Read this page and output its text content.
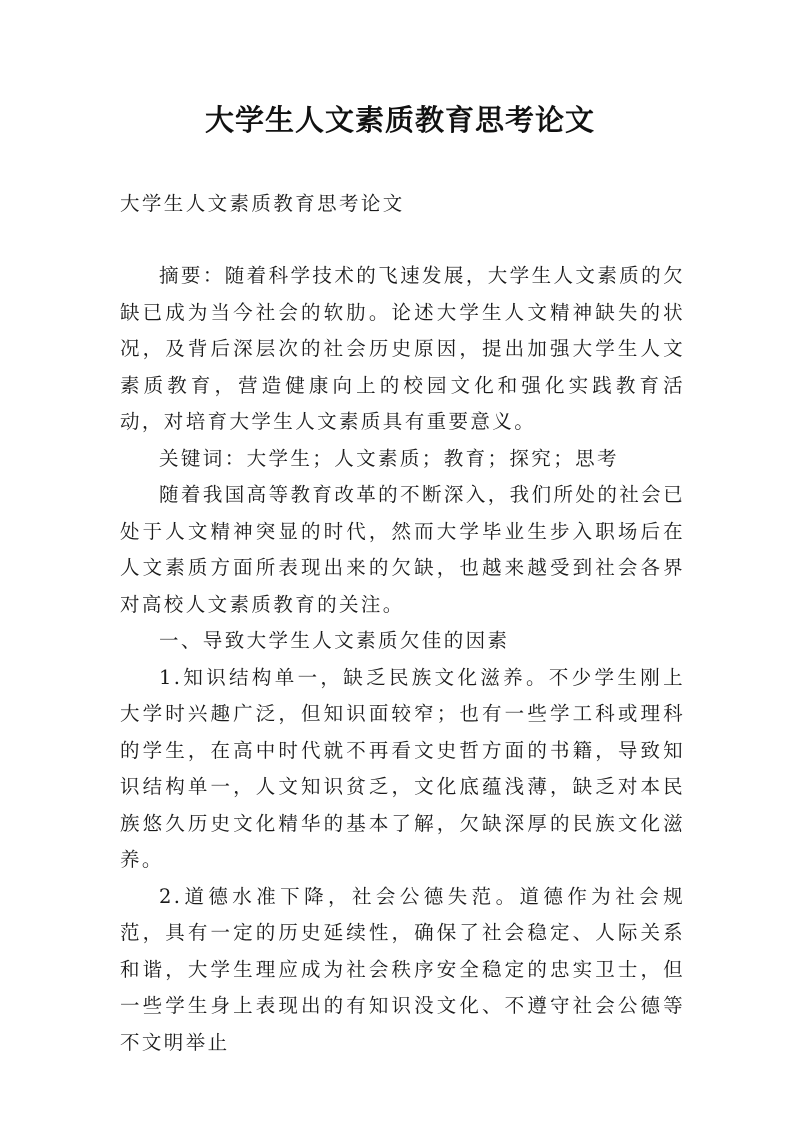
大学生人文素质教育思考论文
大学生人文素质教育思考论文

摘要：随着科学技术的飞速发展，大学生人文素质的欠缺已成为当今社会的软肋。论述大学生人文精神缺失的状况，及背后深层次的社会历史原因，提出加强大学生人文素质教育，营造健康向上的校园文化和强化实践教育活动，对培育大学生人文素质具有重要意义。

关键词：大学生；人文素质；教育；探究；思考

随着我国高等教育改革的不断深入，我们所处的社会已处于人文精神突显的时代，然而大学毕业生步入职场后在人文素质方面所表现出来的欠缺，也越来越受到社会各界对高校人文素质教育的关注。

一、导致大学生人文素质欠佳的因素

1.知识结构单一，缺乏民族文化滋养。不少学生刚上大学时兴趣广泛，但知识面较窄；也有一些学工科或理科的学生，在高中时代就不再看文史哲方面的书籍，导致知识结构单一，人文知识贫乏，文化底蕴浅薄，缺乏对本民族悠久历史文化精华的基本了解，欠缺深厚的民族文化滋养。

2.道德水准下降，社会公德失范。道德作为社会规范，具有一定的历史延续性，确保了社会稳定、人际关系和谐，大学生理应成为社会秩序安全稳定的忠实卫士，但一些学生身上表现出的有知识没文化、不遵守社会公德等不文明举止
